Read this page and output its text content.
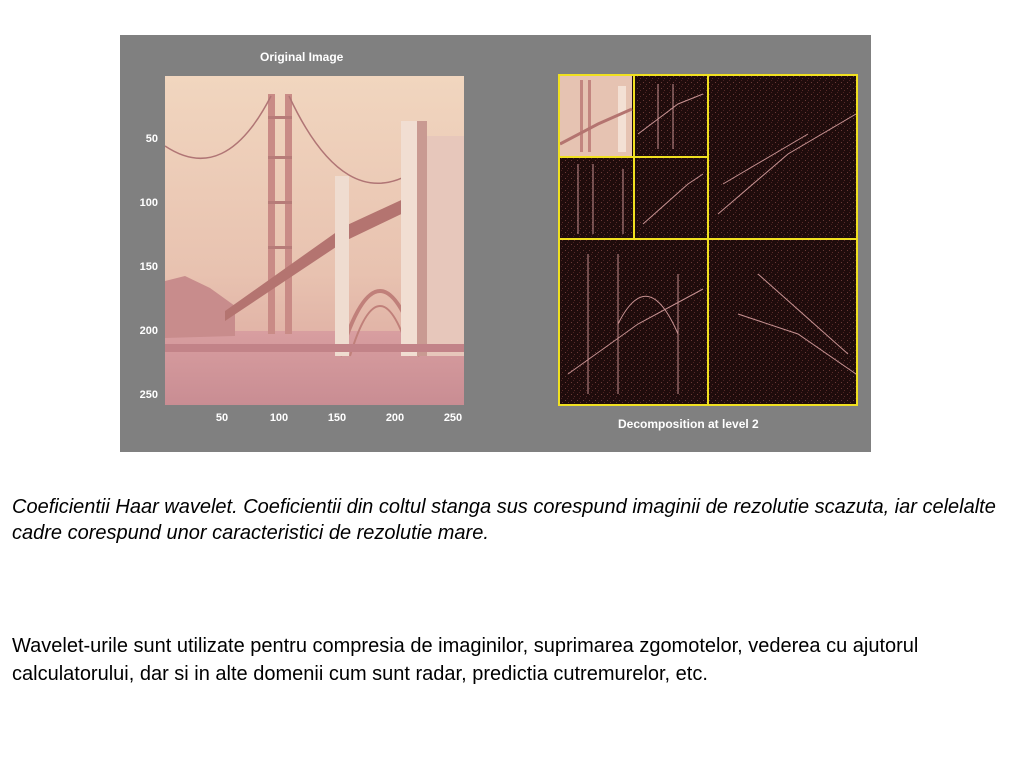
Original Image
50
100
150
200
250
50	100	150	200	250	Decomposition at level 2

Coeficientii Haar wavelet. Coeficientii din coltul stanga sus corespund imaginii de rezolutie scazuta, iar celelalte cadre corespund unor caracteristici de rezolutie mare.

Wavelet-urile sunt utilizate pentru compresia de imaginilor, suprimarea zgomotelor, vederea cu ajutorul calculatorului, dar si in alte domenii cum sunt radar, predictia cutremurelor, etc.
